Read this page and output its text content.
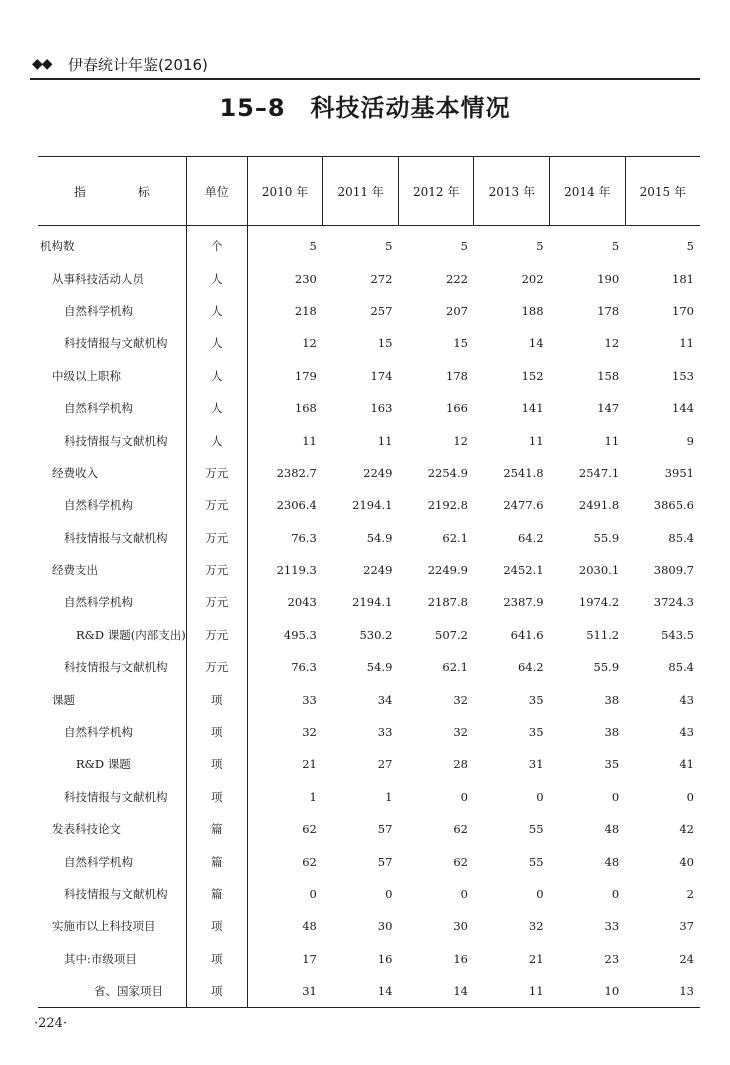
◆◆ 伊春统计年鉴(2016)
15–8　科技活动基本情况
指　标	单位	2010 年	2011 年	2012 年	2013 年	2014 年	2015 年
机构数	个	5	5	5	5	5	5
从事科技活动人员	人	230	272	222	202	190	181
自然科学机构	人	218	257	207	188	178	170
科技情报与文献机构	人	12	15	15	14	12	11
中级以上职称	人	179	174	178	152	158	153
自然科学机构	人	168	163	166	141	147	144
科技情报与文献机构	人	11	11	12	11	11	9
经费收入	万元	2382.7	2249	2254.9	2541.8	2547.1	3951
自然科学机构	万元	2306.4	2194.1	2192.8	2477.6	2491.8	3865.6
科技情报与文献机构	万元	76.3	54.9	62.1	64.2	55.9	85.4
经费支出	万元	2119.3	2249	2249.9	2452.1	2030.1	3809.7
自然科学机构	万元	2043	2194.1	2187.8	2387.9	1974.2	3724.3
R&D 课题(内部支出)	万元	495.3	530.2	507.2	641.6	511.2	543.5
科技情报与文献机构	万元	76.3	54.9	62.1	64.2	55.9	85.4
课题	项	33	34	32	35	38	43
自然科学机构	项	32	33	32	35	38	43
R&D 课题	项	21	27	28	31	35	41
科技情报与文献机构	项	1	1	0	0	0	0
发表科技论文	篇	62	57	62	55	48	42
自然科学机构	篇	62	57	62	55	48	40
科技情报与文献机构	篇	0	0	0	0	0	2
实施市以上科技项目	项	48	30	30	32	33	37
其中:市级项目	项	17	16	16	21	23	24
省、国家项目	项	31	14	14	11	10	13
·224·
